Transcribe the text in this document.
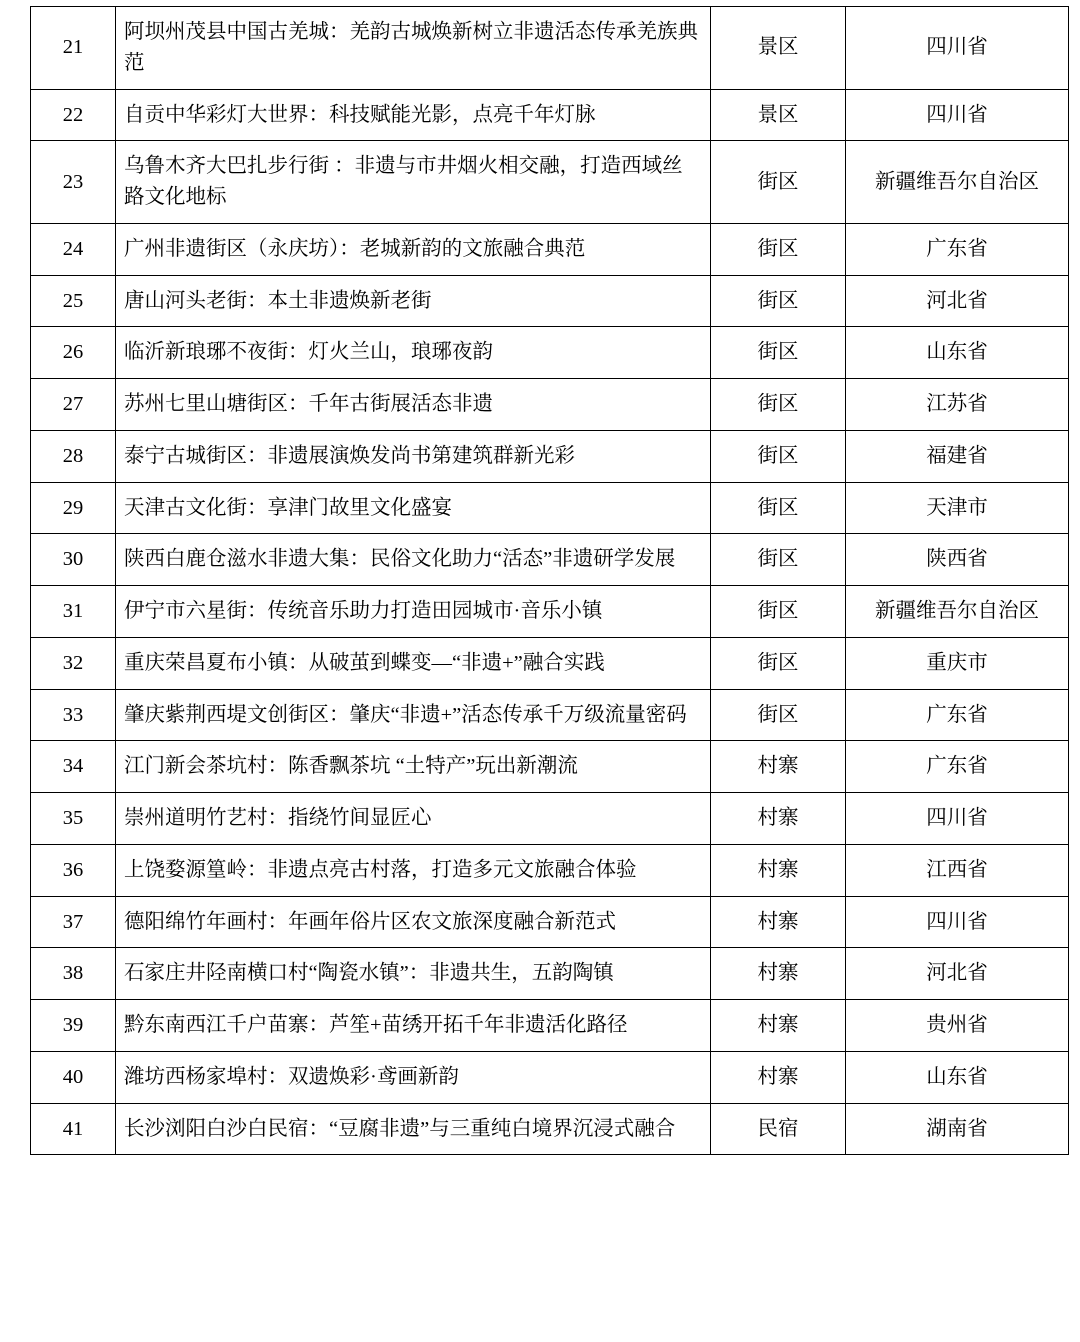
21	阿坝州茂县中国古羌城：羌韵古城焕新树立非遗活态传承羌族典范	景区	四川省
22	自贡中华彩灯大世界：科技赋能光影，点亮千年灯脉	景区	四川省
23	乌鲁木齐大巴扎步行街 ：非遗与市井烟火相交融，打造西域丝路文化地标	街区	新疆维吾尔自治区
24	广州非遗街区（永庆坊）：老城新韵的文旅融合典范	街区	广东省
25	唐山河头老街：本土非遗焕新老街	街区	河北省
26	临沂新琅琊不夜街：灯火兰山，琅琊夜韵	街区	山东省
27	苏州七里山塘街区：千年古街展活态非遗	街区	江苏省
28	泰宁古城街区：非遗展演焕发尚书第建筑群新光彩	街区	福建省
29	天津古文化街：享津门故里文化盛宴	街区	天津市
30	陕西白鹿仓滋水非遗大集：民俗文化助力“活态”非遗研学发展	街区	陕西省
31	伊宁市六星街：传统音乐助力打造田园城市·音乐小镇	街区	新疆维吾尔自治区
32	重庆荣昌夏布小镇：从破茧到蝶变—“非遗+”融合实践	街区	重庆市
33	肇庆紫荆西堤文创街区：肇庆“非遗+”活态传承千万级流量密码	街区	广东省
34	江门新会茶坑村：陈香飘茶坑 “土特产”玩出新潮流	村寨	广东省
35	崇州道明竹艺村：指绕竹间显匠心	村寨	四川省
36	上饶婺源篁岭：非遗点亮古村落，打造多元文旅融合体验	村寨	江西省
37	德阳绵竹年画村：年画年俗片区农文旅深度融合新范式	村寨	四川省
38	石家庄井陉南横口村“陶瓷水镇”：非遗共生，五韵陶镇	村寨	河北省
39	黔东南西江千户苗寨：芦笙+苗绣开拓千年非遗活化路径	村寨	贵州省
40	潍坊西杨家埠村：双遗焕彩·鸢画新韵	村寨	山东省
41	长沙浏阳白沙白民宿：“豆腐非遗”与三重纯白境界沉浸式融合	民宿	湖南省
